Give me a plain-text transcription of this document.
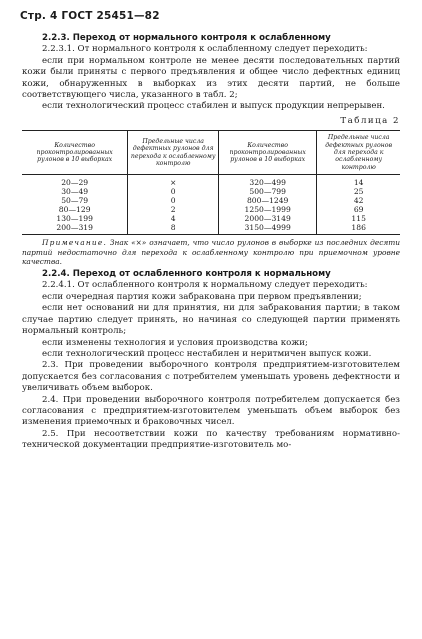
Стр. 4 ГОСТ 25451—82

2.2.3. Переход от нормального контроля к ослабленному

2.2.3.1. От нормального контроля к ослабленному следует переходить:

если при нормальном контроле не менее десяти последовательных партий кожи были приняты с первого предъявления и общее число дефектных единиц кожи, обнаруженных в выборках из этих десяти партий, не больше соответствующего числа, указанного в табл. 2;

если технологический процесс стабилен и выпуск продукции непрерывен.

Таблица 2
Количество проконтролированных рулонов в 10 выборках	Предельные числа дефектных рулонов для перехода к ослабленному контролю	Количество проконтролированных рулонов в 10 выборках	Предельные числа дефектных рулонов для перехода к ослабленному контролю
20—29	×	320—499	14
30—49	0	500—799	25
50—79	0	800—1249	42
80—129	2	1250—1999	69
130—199	4	2000—3149	115
200—319	8	3150—4999	186

Примечание. Знак «×» означает, что число рулонов в выборке из последних десяти партий недостаточно для перехода к ослабленному контролю при приемочном уровне качества.

2.2.4. Переход от ослабленного контроля к нормальному

2.2.4.1. От ослабленного контроля к нормальному следует переходить:

если очередная партия кожи забракована при первом предъявлении;

если нет оснований ни для принятия, ни для забракования партии; в таком случае партию следует принять, но начиная со следующей партии применять нормальный контроль;

если изменены технология и условия производства кожи;

если технологический процесс нестабилен и неритмичен выпуск кожи.

2.3. При проведении выборочного контроля предприятием-изготовителем допускается без согласования с потребителем уменьшать уровень дефектности и увеличивать объем выборок.

2.4. При проведении выборочного контроля потребителем допускается без согласования с предприятием-изготовителем уменьшать объем выборок без изменения приемочных и браковочных чисел.

2.5. При несоответствии кожи по качеству требованиям нормативно-технической документации предприятие-изготовитель мо-
